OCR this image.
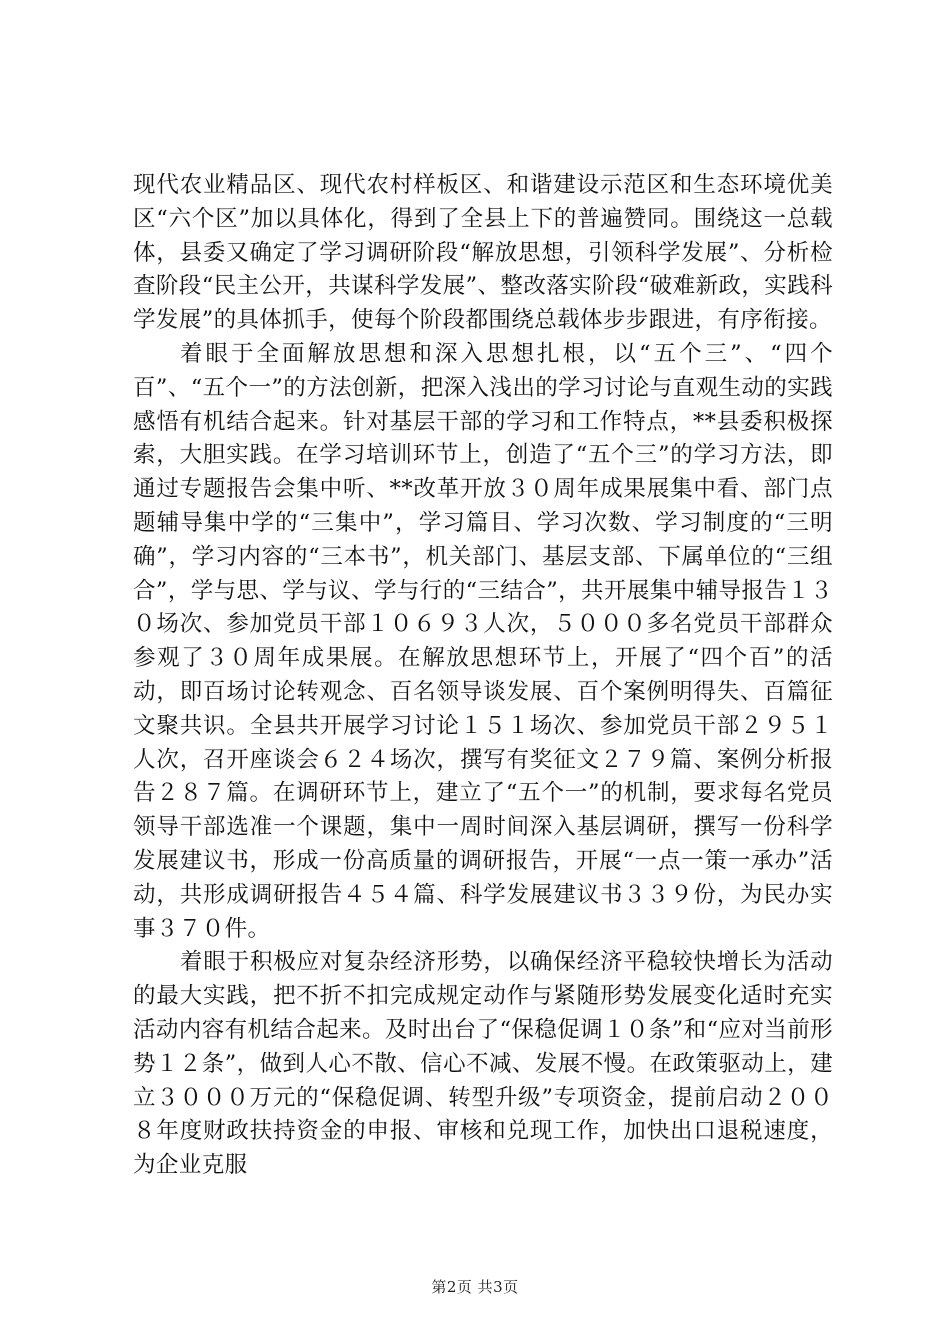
现代农业精品区、现代农村样板区、和谐建设示范区和生态环境优美区“六个区”加以具体化，得到了全县上下的普遍赞同。围绕这一总载体，县委又确定了学习调研阶段“解放思想，引领科学发展”、分析检查阶段“民主公开，共谋科学发展”、整改落实阶段“破难新政，实践科学发展”的具体抓手，使每个阶段都围绕总载体步步跟进，有序衔接。

着眼于全面解放思想和深入思想扎根，以“五个三”、“四个百”、“五个一”的方法创新，把深入浅出的学习讨论与直观生动的实践感悟有机结合起来。针对基层干部的学习和工作特点，**县委积极探索，大胆实践。在学习培训环节上，创造了“五个三”的学习方法，即通过专题报告会集中听、**改革开放３０周年成果展集中看、部门点题辅导集中学的“三集中”，学习篇目、学习次数、学习制度的“三明确”，学习内容的“三本书”，机关部门、基层支部、下属单位的“三组合”，学与思、学与议、学与行的“三结合”，共开展集中辅导报告１３０场次、参加党员干部１０６９３人次，５０００多名党员干部群众参观了３０周年成果展。在解放思想环节上，开展了“四个百”的活动，即百场讨论转观念、百名领导谈发展、百个案例明得失、百篇征文聚共识。全县共开展学习讨论１５１场次、参加党员干部２９５１人次，召开座谈会６２４场次，撰写有奖征文２７９篇、案例分析报告２８７篇。在调研环节上，建立了“五个一”的机制，要求每名党员领导干部选准一个课题，集中一周时间深入基层调研，撰写一份科学发展建议书，形成一份高质量的调研报告，开展“一点一策一承办”活动，共形成调研报告４５４篇、科学发展建议书３３９份，为民办实事３７０件。

着眼于积极应对复杂经济形势，以确保经济平稳较快增长为活动的最大实践，把不折不扣完成规定动作与紧随形势发展变化适时充实活动内容有机结合起来。及时出台了“保稳促调１０条”和“应对当前形势１２条”，做到人心不散、信心不减、发展不慢。在政策驱动上，建立３０００万元的“保稳促调、转型升级”专项资金，提前启动２００８年度财政扶持资金的申报、审核和兑现工作，加快出口退税速度，为企业克服

第2页 共3页
